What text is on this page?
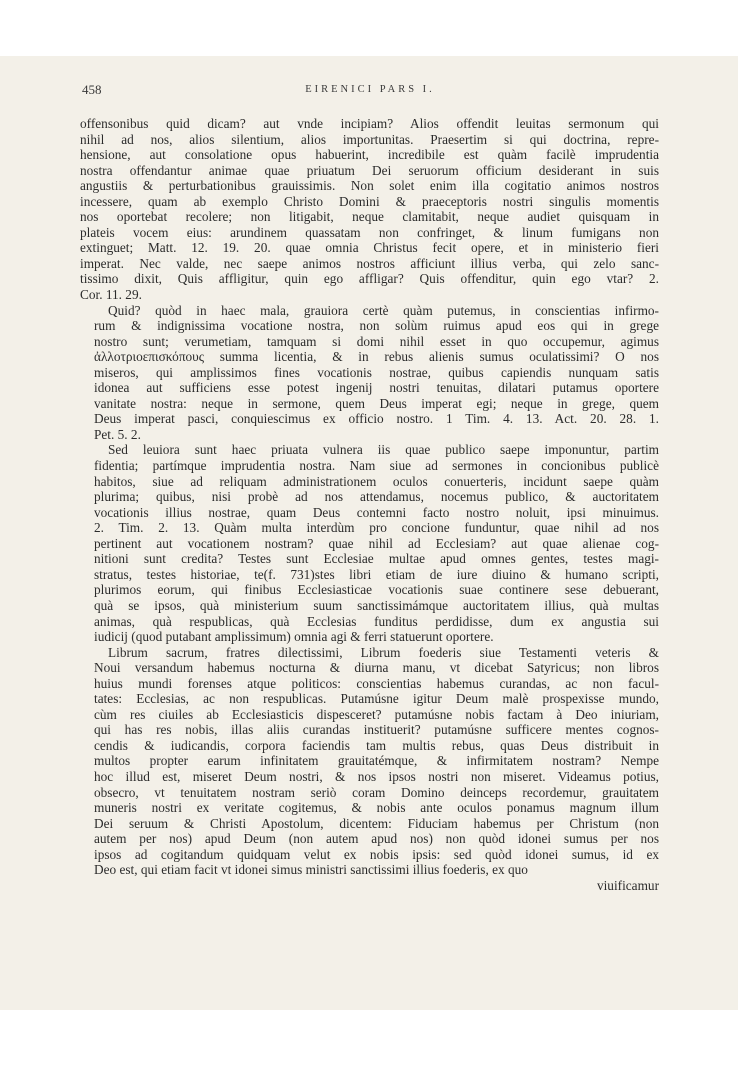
458	EIRENICI PARS I.
offensonibus quid dicam? aut vnde incipiam? Alios offendit leuitas sermonum qui
nihil ad nos, alios silentium, alios importunitas. Praesertim si qui doctrina, repre-
hensione, aut consolatione opus habuerint, incredibile est quàm facilè imprudentia
nostra offendantur animae quae priuatum Dei seruorum officium desiderant in suis
angustiis & perturbationibus grauissimis. Non solet enim illa cogitatio animos nostros
incessere, quam ab exemplo Christo Domini & praeceptoris nostri singulis momentis
nos oportebat recolere; non litigabit, neque clamitabit, neque audiet quisquam in
plateis vocem eius: arundinem quassatam non confringet, & linum fumigans non
extinguet; Matt. 12. 19. 20. quae omnia Christus fecit opere, et in ministerio fieri
imperat. Nec valde, nec saepe animos nostros afficiunt illius verba, qui zelo sanc-
tissimo dixit, Quis affligitur, quin ego affligar? Quis offenditur, quin ego vtar? 2.
Cor. 11. 29.
Quid? quòd in haec mala, grauiora certè quàm putemus, in conscientias infirmo-
rum & indignissima vocatione nostra, non solùm ruimus apud eos qui in grege
nostro sunt; verumetiam, tamquam si domi nihil esset in quo occupemur, agimus
ἀλλοτριοεπισκόπους summa licentia, & in rebus alienis sumus oculatissimi? O nos
miseros, qui amplissimos fines vocationis nostrae, quibus capiendis nunquam satis
idonea aut sufficiens esse potest ingenij nostri tenuitas, dilatari putamus oportere
vanitate nostra: neque in sermone, quem Deus imperat egi; neque in grege, quem
Deus imperat pasci, conquiescimus ex officio nostro. 1 Tim. 4. 13. Act. 20. 28. 1.
Pet. 5. 2.
Sed leuiora sunt haec priuata vulnera iis quae publico saepe imponuntur, partim
fidentia; partímque imprudentia nostra. Nam siue ad sermones in concionibus publicè
habitos, siue ad reliquam administrationem oculos conuerteris, incidunt saepe quàm
plurima; quibus, nisi probè ad nos attendamus, nocemus publico, & auctoritatem
vocationis illius nostrae, quam Deus contemni facto nostro noluit, ipsi minuimus.
2. Tim. 2. 13. Quàm multa interdùm pro concione funduntur, quae nihil ad nos
pertinent aut vocationem nostram? quae nihil ad Ecclesiam? aut quae alienae cog-
nitioni sunt credita? Testes sunt Ecclesiae multae apud omnes gentes, testes magi-
stratus, testes historiae, te(f. 731)stes libri etiam de iure diuino & humano scripti,
plurimos eorum, qui finibus Ecclesiasticae vocationis suae continere sese debuerant,
quà se ipsos, quà ministerium suum sanctissimámque auctoritatem illius, quà multas
animas, quà respublicas, quà Ecclesias funditus perdidisse, dum ex angustia sui
iudicij (quod putabant amplissimum) omnia agi & ferri statuerunt oportere.
Librum sacrum, fratres dilectissimi, Librum foederis siue Testamenti veteris &
Noui versandum habemus nocturna & diurna manu, vt dicebat Satyricus; non libros
huius mundi forenses atque politicos: conscientias habemus curandas, ac non facul-
tates: Ecclesias, ac non respublicas. Putamúsne igitur Deum malè prospexisse mundo,
cùm res ciuiles ab Ecclesiasticis dispesceret? putamúsne nobis factam à Deo iniuriam,
qui has res nobis, illas aliis curandas instituerit? putamúsne sufficere mentes cognos-
cendis & iudicandis, corpora faciendis tam multis rebus, quas Deus distribuit in
multos propter earum infinitatem grauitatémque, & infirmitatem nostram? Nempe
hoc illud est, miseret Deum nostri, & nos ipsos nostri non miseret. Videamus potius,
obsecro, vt tenuitatem nostram seriò coram Domino deinceps recordemur, grauitatem
muneris nostri ex veritate cogitemus, & nobis ante oculos ponamus magnum illum
Dei seruum & Christi Apostolum, dicentem: Fiduciam habemus per Christum (non
autem per nos) apud Deum (non autem apud nos) non quòd idonei sumus per nos
ipsos ad cogitandum quidquam velut ex nobis ipsis: sed quòd idonei sumus, id ex
Deo est, qui etiam facit vt idonei simus ministri sanctissimi illius foederis, ex quo
viuificamur
